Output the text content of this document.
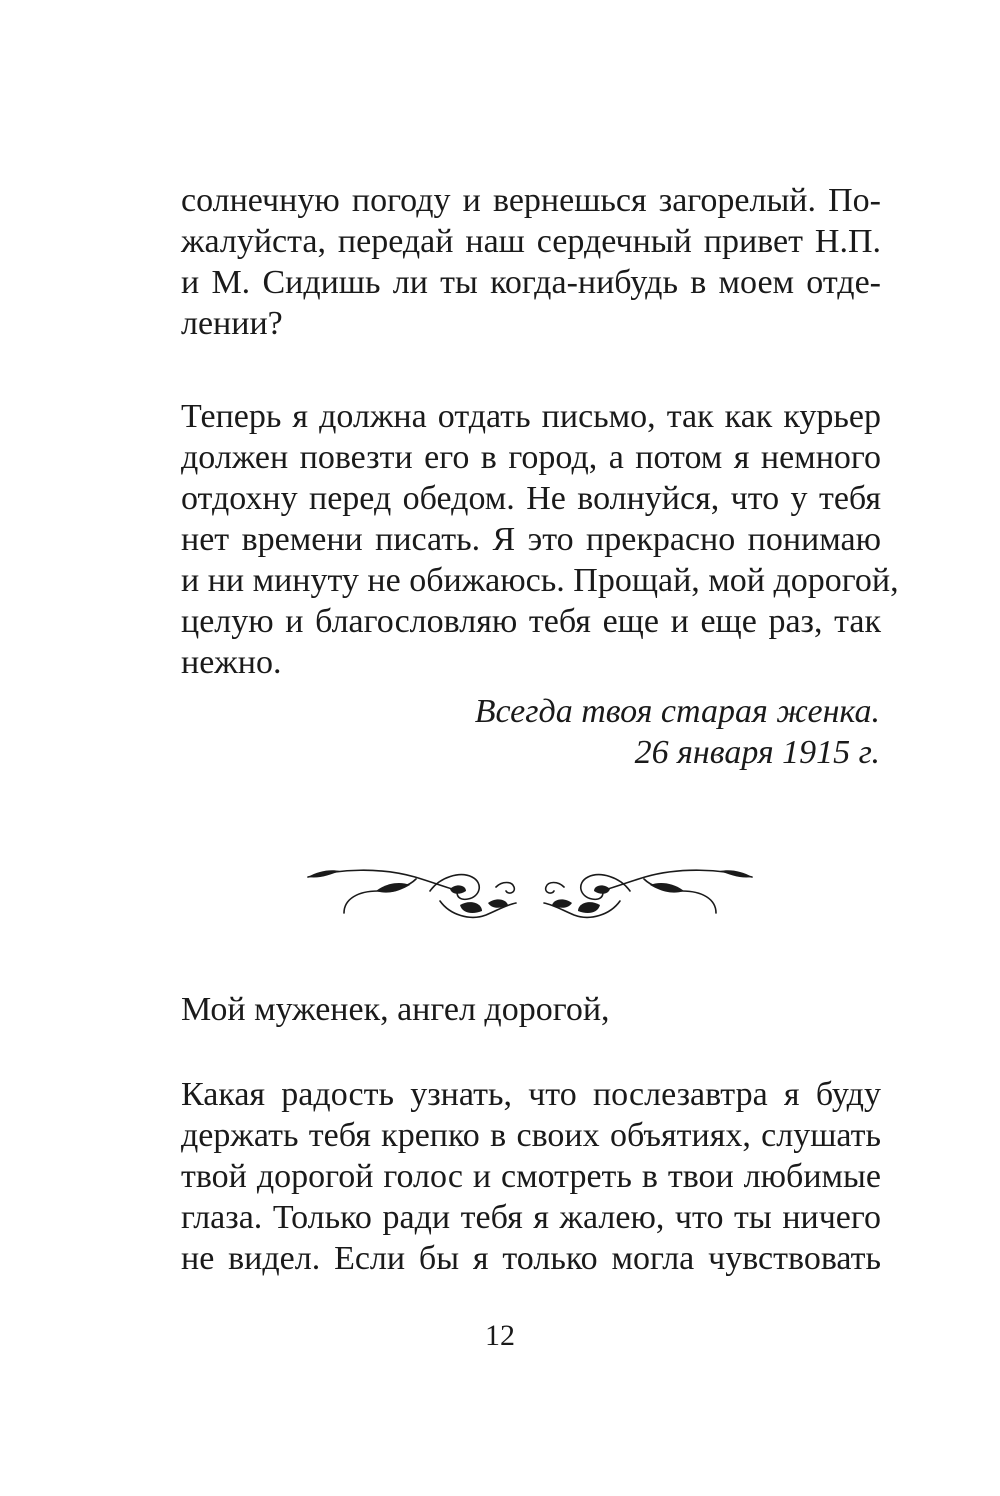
солнечную погоду и вернешься загорелый. По-
жалуйста, передай наш сердечный привет Н.П.
и М. Сидишь ли ты когда-нибудь в моем отде-
лении?
Теперь я должна отдать письмо, так как курьер
должен повезти его в город, а потом я немного
отдохну перед обедом. Не волнуйся, что у тебя
нет времени писать. Я это прекрасно понимаю
и ни минуту не обижаюсь. Прощай, мой дорогой,
целую и благословляю тебя еще и еще раз, так
нежно.
Всегда твоя старая женка.
26 января 1915 г.
Мой муженек, ангел дорогой,
Какая радость узнать, что послезавтра я буду
держать тебя крепко в своих объятиях, слушать
твой дорогой голос и смотреть в твои любимые
глаза. Только ради тебя я жалею, что ты ничего
не видел. Если бы я только могла чувствовать
12
